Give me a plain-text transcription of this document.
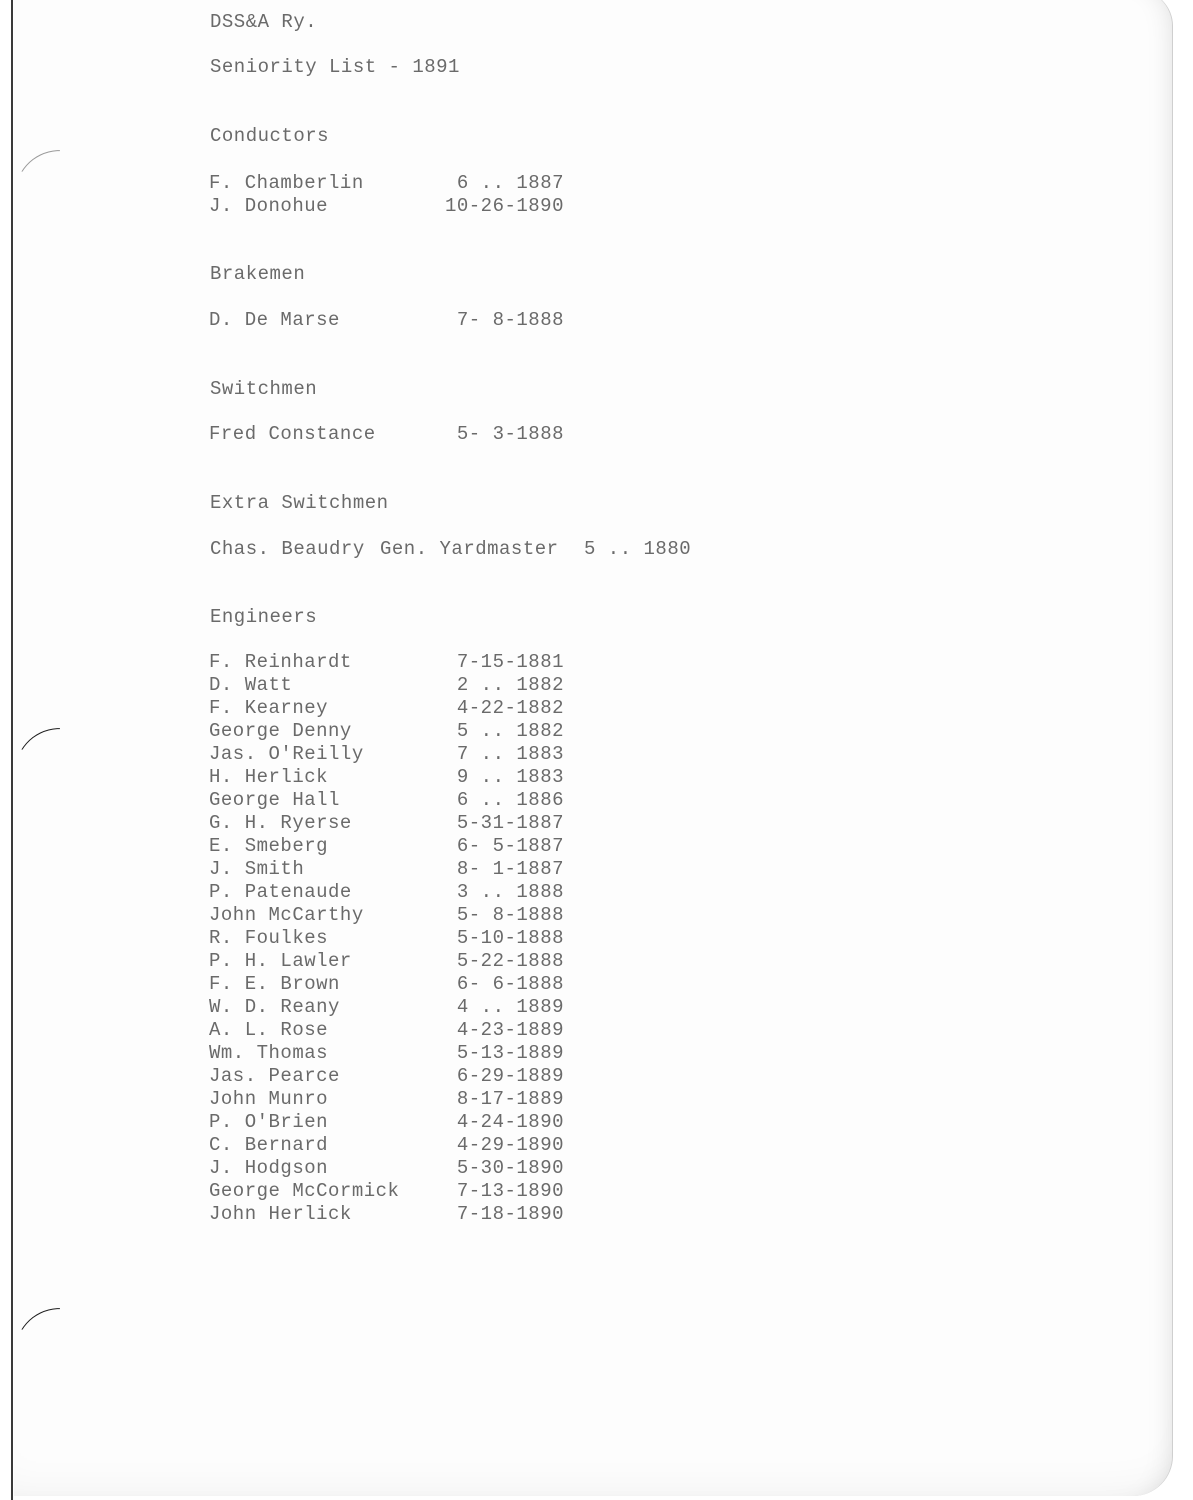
DSS&A Ry.
Seniority List - 1891
Conductors
F. Chamberlin	6 .. 1887
J. Donohue	10-26-1890
Brakemen
D. De Marse	7- 8-1888
Switchmen
Fred Constance	5- 3-1888
Extra Switchmen
Chas. Beaudry Gen. Yardmaster 5 .. 1880
Engineers
F. Reinhardt	7-15-1881
D. Watt	2 .. 1882
F. Kearney	4-22-1882
George Denny	5 .. 1882
Jas. O'Reilly	7 .. 1883
H. Herlick	9 .. 1883
George Hall	6 .. 1886
G. H. Ryerse	5-31-1887
E. Smeberg	6- 5-1887
J. Smith	8- 1-1887
P. Patenaude	3 .. 1888
John McCarthy	5- 8-1888
R. Foulkes	5-10-1888
P. H. Lawler	5-22-1888
F. E. Brown	6- 6-1888
W. D. Reany	4 .. 1889
A. L. Rose	4-23-1889
Wm. Thomas	5-13-1889
Jas. Pearce	6-29-1889
John Munro	8-17-1889
P. O'Brien	4-24-1890
C. Bernard	4-29-1890
J. Hodgson	5-30-1890
George McCormick	7-13-1890
John Herlick	7-18-1890
